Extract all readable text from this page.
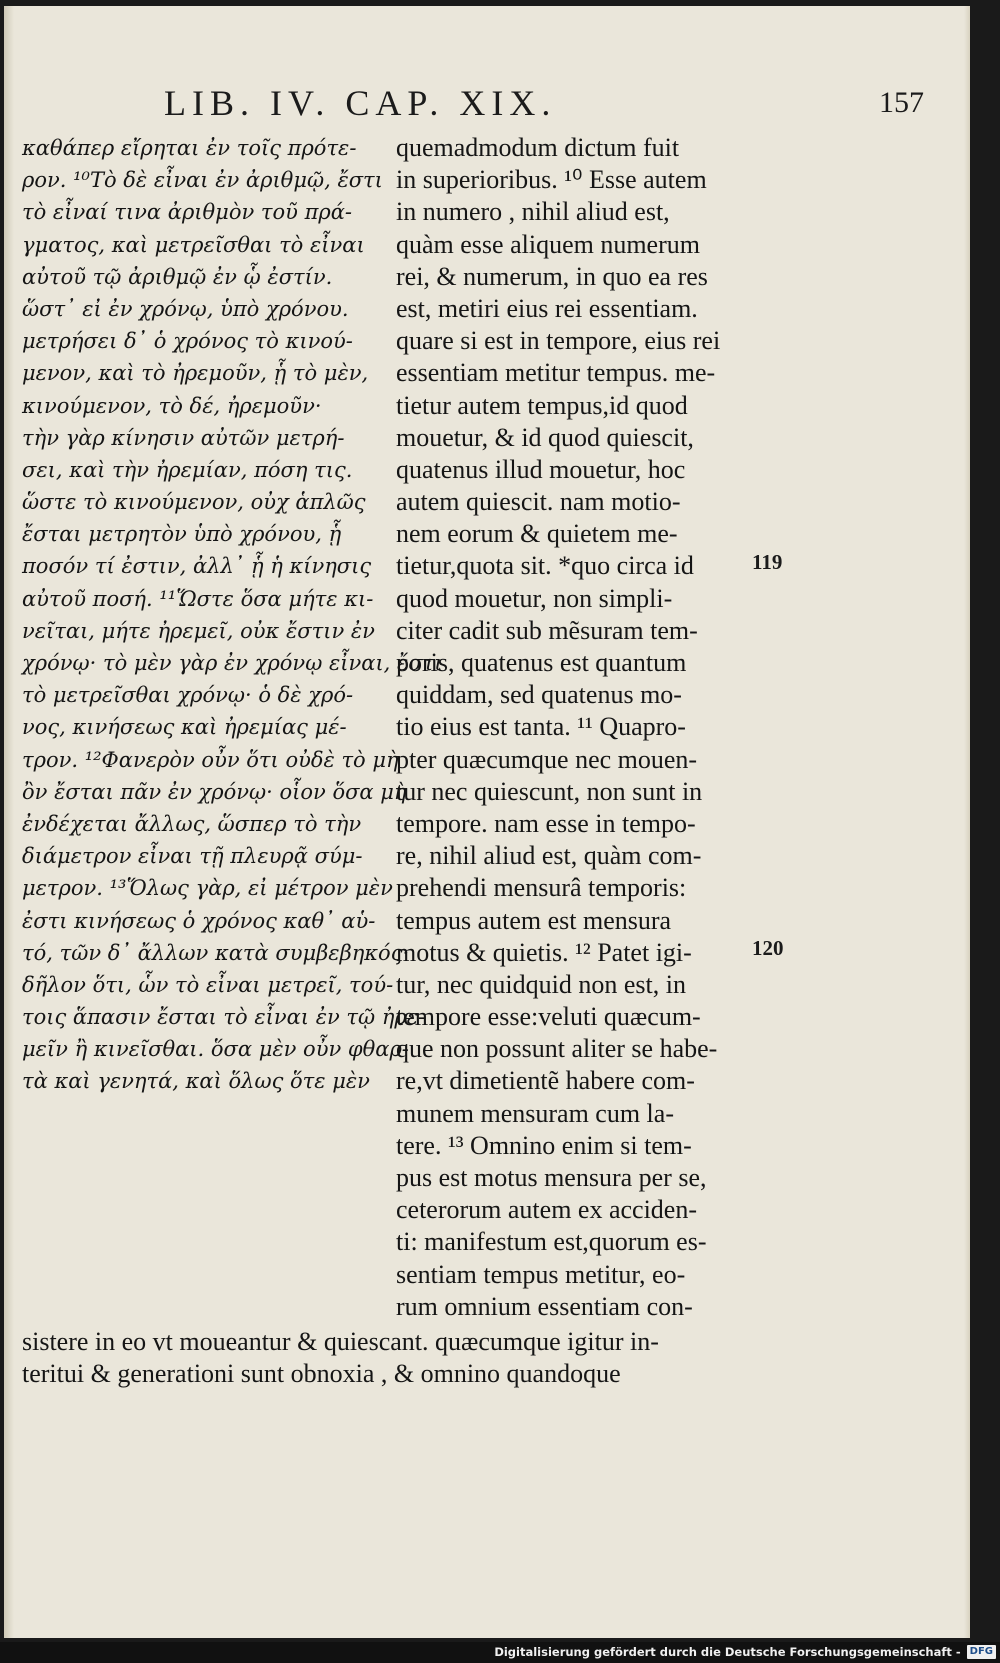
LIB. IV. CAP. XIX.	157
καθάπερ εἴρηται ἐν τοῖς πρότε-
ρον. ¹⁰Τὸ δὲ εἶναι ἐν ἀριθμῷ, ἔστι
τὸ εἶναί τινα ἀριθμὸν τοῦ πρά-
γματος, καὶ μετρεῖσθαι τὸ εἶναι
αὐτοῦ τῷ ἀριθμῷ ἐν ᾧ ἐστίν.
ὥστ᾽ εἰ ἐν χρόνῳ, ὑπὸ χρόνου.
μετρήσει δ᾽ ὁ χρόνος τὸ κινού-
μενον, καὶ τὸ ἠρεμοῦν, ᾗ τὸ μὲν,
κινούμενον, τὸ δέ, ἠρεμοῦν·
τὴν γὰρ κίνησιν αὐτῶν μετρή-
σει, καὶ τὴν ἠρεμίαν, πόση τις.
ὥστε τὸ κινούμενον, οὐχ ἁπλῶς
ἔσται μετρητὸν ὑπὸ χρόνου, ᾗ
ποσόν τί ἐστιν, ἀλλ᾽ ᾗ ἡ κίνησις
αὐτοῦ ποσή. ¹¹Ὥστε ὅσα μήτε κι-
νεῖται, μήτε ἠρεμεῖ, οὐκ ἔστιν ἐν
χρόνῳ· τὸ μὲν γὰρ ἐν χρόνῳ εἶναι, ἔστι
τὸ μετρεῖσθαι χρόνῳ· ὁ δὲ χρό-
νος, κινήσεως καὶ ἠρεμίας μέ-
τρον. ¹²Φανερὸν οὖν ὅτι οὐδὲ τὸ μὴ
ὂν ἔσται πᾶν ἐν χρόνῳ· οἷον ὅσα μὴ
ἐνδέχεται ἄλλως, ὥσπερ τὸ τὴν
διάμετρον εἶναι τῇ πλευρᾷ σύμ-
μετρον. ¹³Ὅλως γὰρ, εἰ μέτρον μὲν
ἐστι κινήσεως ὁ χρόνος καθ᾽ αὑ-
τό, τῶν δ᾽ ἄλλων κατὰ συμβεβηκός·
δῆλον ὅτι, ὧν τὸ εἶναι μετρεῖ, τού-
τοις ἅπασιν ἔσται τὸ εἶναι ἐν τῷ ἠρε-
μεῖν ἢ κινεῖσθαι. ὅσα μὲν οὖν φθαρ-
τὰ καὶ γενητά, καὶ ὅλως ὅτε μὲν
quemadmodum dictum fuit
in superioribus. ¹⁰ Esse autem
in numero , nihil aliud est,
quàm esse aliquem numerum
rei, & numerum, in quo ea res
est, metiri eius rei essentiam.
quare si est in tempore, eius rei
essentiam metitur tempus. me-
tietur autem tempus,id quod
mouetur, & id quod quiescit,
quatenus illud mouetur, hoc
autem quiescit. nam motio-
nem eorum & quietem me-
tietur,quota sit. *quo circa id
quod mouetur, non simpli-
citer cadit sub mẽsuram tem-
poris, quatenus est quantum
quiddam, sed quatenus mo-
tio eius est tanta. ¹¹ Quapro-
pter quæcumque nec mouen-
tur nec quiescunt, non sunt in
tempore. nam esse in tempo-
re, nihil aliud est, quàm com-
prehendi mensurâ temporis:
tempus autem est mensura
motus & quietis. ¹² Patet igi-
tur, nec quidquid non est, in
tempore esse:veluti quæcum-
que non possunt aliter se habe-
re,vt dimetientẽ habere com-
munem mensuram cum la-
tere. ¹³ Omnino enim si tem-
pus est motus mensura per se,
ceterorum autem ex acciden-
ti: manifestum est,quorum es-
sentiam tempus metitur, eo-
rum omnium essentiam con-
119
120
sistere in eo vt moueantur & quiescant. quæcumque igitur in-
teritui & generationi sunt obnoxia , & omnino quandoque
Digitalisierung gefördert durch die Deutsche Forschungsgemeinschaft - DFG
